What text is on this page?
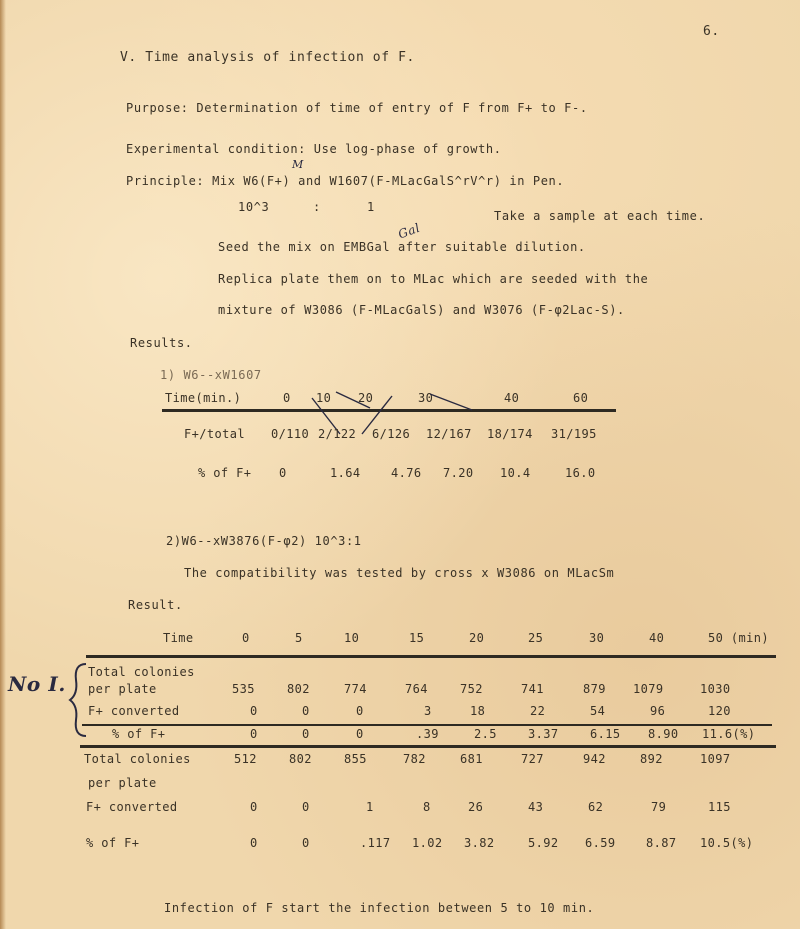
6.
V. Time analysis of infection of F.
Purpose: Determination of time of entry of F from F+ to F-.
Experimental condition: Use log-phase of growth.
M
Principle: Mix W6(F+) and W1607(F-MLacGalS^rV^r) in Pen.
10^3	:	1
Take a sample at each time.
Gal
Seed the mix on EMBGal after suitable dilution.
Replica plate them on to MLac which are seeded with the
mixture of W3086 (F-MLacGalS) and W3076 (F-φ2Lac-S).
Results.
1) W6--xW1607
Time(min.)	0 10 20	30	40	60
F+/total 0/110 2/122 6/126 12/167 18/174 31/195
% of F+ 0	1.64	4.76 7.20 10.4	16.0
2)W6--xW3876(F-φ2) 10^3:1
The compatibility was tested by cross x W3086 on MLacSm
Result.
Time	0	5	10	15	20	25	30	40	50 (min)
No I. Total colonies
per plate	535	802	774	764	752	741	879 1079	1030
F+ converted	0	0	0	3	18	22	54	96	120
% of F+	0	0	0	.39	2.5	3.37	6.15 8.90 11.6(%)
Total colonies	512	802	855	782	681	727	942	892	1097
per plate
F+ converted	0	0	1	8	26	43	62	79	115
% of F+	0	0	.117 1.02 3.82	5.92 6.59	8.87 10.5(%)
Infection of F start the infection between 5 to 10 min.
